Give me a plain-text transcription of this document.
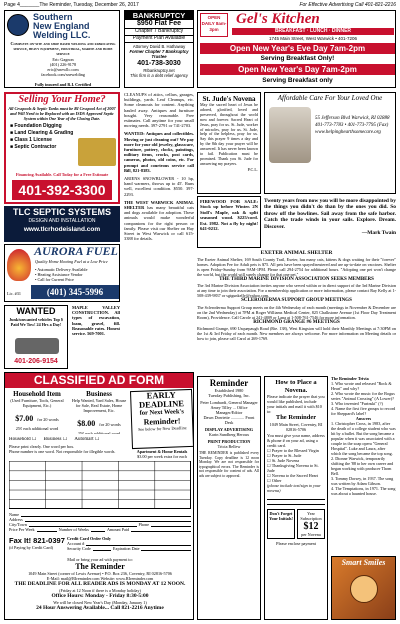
Page 4_______The Reminder, Tuesday, December 26, 2017	For Effective Advertising Call 401-821-2216
Southern
New England
Welding LLC.
Complete on-site and shop based welding and fabricating service, heavy equipment, industrial, marine and home service
Eric Gagnon
(401) 226-9178
eric@snewllc.com
facebook.com/snewelding
Fully insured and R.I. Certified
BANKRUPTCY
$950 Flat Fee
Chapter 7 Bankruptcy
Payment Plan Available
Attorney David B. Hathaway
Former Chapter 7 Bankruptcy Trustee
401-738-3030
RIbankruptcy.net
This firm is a debt relief agency
OPEN DAILY 8am-3pm
Gel's Kitchen
BREAKFAST · LUNCH · DINNER
1745 Main Street, West Warwick • 401-7206
Open New Year's Eve Day 7am-2pm
Serving Breakfast Only!
Open New Year's Day 7am-2pm
Serving Breakfast only
Selling Your Home?
All Cesspools & Septic Tanks must be RI Cesspool Act of 2007 and Will Need to be Replaced with an ISDS Approved Septic System within One Year of the Closing Date.
■ Foundation Digging
■ Land Clearing & Grading
■ Class 1 License
■ Septic Contractor
Financing Available. Call Today for a Free Estimate
401-392-3300
TLC SEPTIC SYSTEMS
DESIGN AND INSTALLATION
www.tlcrhodeisland.com
AURORA FUEL
Quality Home Heating Fuel at a Low Price
• Automatic Delivery Available
• Heating Assistance Vendor
• Call for Current Price
Lic. #31	(401) 345-5996
WANTED
Junk/unwanted vehicles Top $ Paid We Tow! 24 Hrs a Day!
401-206-9154
MAPLE VALLEY CONSTRUCTION. All types of excavation, loam, gravel, fill. Reasonable rates. Honest service. 569-7001.
CLASSIFIED AD FORM
Household Item
(Used Furniture, Tools, General Equipment, Etc.)
$7.00 for 20 words
25¢ each additional word
Business
Help Wanted, Yard Sales, House for Sale, Real Estate, Home Improvement, Etc.
$8.00 for 20 words
25¢ each additional word
EARLY
DEADLINE
for Next Week's
Reminder!
See below for New Deadline
Apartment & Home Rentals
$3.00 per week extra for each
Household ☐ Business ☐ Automart ☐
Please print clearly. One word per box.
Phone number is one word. Not responsible for illegible words.
Name
Address
City/Town	Phone
Price Per Week	Number of Weeks	Amount Paid
Fax It! 821-0397
(if Paying by Credit Card)
Credit Card Order Only
Account #
Security Code	Expiration Date
Mail or bring your ad with payment to:
The Reminder
1049 Main Street (corner of Lewis Avenue) • P.O. Box 236, Coventry, RI 02816-5706
E-Mail: mail@RIreminder.com Website: www.RIreminder.com
THE DEADLINE FOR ALL READER ADS IS MONDAY AT 12 NOON.
(Friday at 12 Noon if there is a Monday holiday)
Office Hours: Monday - Friday 8:30-5:00
We will be closed New Year's Day (Monday, January 1)
24 Hour Answering Available... Call 821-2216 Anytime
CLEANUPS of attics, cellars, garages, buildings, yards. Leaf Cleanups, etc. Some cleanouts for content. Anything hauled away. Antiques and furniture bought. Very reasonable. Free estimates. Call anytime for your small moving needs. 397-2791 or 741-2703.
WANTED: Antiques and collectibles. Moving or just cleaning out? We pay more for your old jewelry, glassware, furniture, pottery, clocks, paintings, military items, crocks, post cards, cameras, photos, old coins, etc. For prompt and courteous service call Bill, 821-8383.
ARIENS SNOWBLOWER - 10 hp, hand warmers, throws up to 45'. Runs well, excellent condition. $550. 397-2293.
THE WEST WARWICK ANIMAL SHELTER has many beautiful cats and dogs available for adoption. These animals would make wonderful companions for the right person or family. Please visit our Shelter on Hay Street in West Warwick or call 615-3388 for details.
St. Jude's Novena
May the sacred heart of Jesus be adored, glorified, loved and preserved, throughout the world now and forever. Sacred Heart of Jesus, pray for us. St. Jude, worker of miracles, pray for us. St. Jude, help of the helpless, pray for us. Say this prayer 9 times a day and by the 8th day your prayer will be answered. It has never been known to fail. Publication must be promised. Thank you St. Jude for answering my prayers.
P.C.L.
FIREWOOD FOR SALE: Stock up before Winter. 2N Stoll's Maple, oak & split seasoned wood. $225/cord. Est. 1982. Not a fly by night! 641-0212.
Affordable Care For Your Loved One
55 Jefferson Blvd Warwick, RI 02888
401-773-7783 • 401-773-7795 (Fax)
www.helpinghearthsomecare.org
Twenty years from now you will be more disappointed by the things you didn't do than by the ones you did. So throw off the bowlines. Sail away from the safe harbor. Catch the trade winds in your sails. Explore. Dream. Discover.
—Mark Twain
EXETER ANIMAL SHELTER
The Exeter Animal Shelter, 169 South County Trail, Exeter, has many cats, kittens & dogs waiting for their "forever" homes. Adoption Fee for Adult pets is $75. All pets have been spayed/neutered and are up-to-date on vaccines. Shelter is open Friday-Sunday from 9AM-1PM. Please call 294-2754 for additional hours. "Adopting one pet won't change the world, but the world will surely change for that one pet."
THE THIRD MARINE DIVISION ASSOCIATION SEEKS MEMBERS
The 3rd Marine Division Association invites anyone who served within or in direct support of the 3rd Marine Division at any time to join their association. For a membership application or more information, please contact Ray Kelly at 1-508-439-9837 or sgtgunkelly@yahoo.com.
SCLERODERMA SUPPORT GROUP MEETINGS
The Scleroderma Support Group meets on the 4th Wednesday of each month (meetings in November & December are on the 2nd Wednesday) at 7PM at Roger Williams Medical Center, 825 Chalkstone Avenue (1st Floor Day Treatment Room), Providence. Call Carole at 241-4809 or Lana at 1-508-761-7546 for more information.
RICHMOND GRANGE #6 MEETINGS
Richmond Grange, 690 Usquepaugh Road (Rte. 138), West Kingston will hold their Monthly Meetings at 7:30PM on the 1st & 3rd Friday of each month. New members are always welcome. For more information on Meeting details or how to join, please call Carol at 269-1769.
Reminder
Established 1980
Tuesday Publishing, Inc.
Peter Lombardi, General Manager
Amey Tilley ... Office Manager/Editor
Dawn Dorriette ............. Front Desk
DISPLAY ADVERTISING
Karin Sundberg Heroux
PRINT PRODUCTION
Tricia Bellew
THE REMINDER is published every Tuesday. Copy deadline is 12 noon Monday. We are not responsible for typographical errors. The Reminder is not responsible for content of ads. All ads are subject to approval.
How to Place a Novena.
Please indicate the prayer that you would like published, include your initials and mail it with $10 to:
The Reminder
1049 Main Street, Coventry, RI
02816-5706
You must give your name, address & phone # on your ad, using a credit card.
☐ Prayer to the Blessed Virgin
☐ Prayer to St. Jude
☐ St. Jude Novena
☐ Thanksgiving Novena to St. Jude
☐ Novena to the Sacred Heart
☐ Other
(please include text/sign to your novena)
Don't Forget Your Initials!
Year Subscription
$12
per Novena
Please enclose payment
The Reminder Trivia
1. Who wrote and released "Rock & Heart" and why?
2. Who wrote the music for the Bogus series "Animal Crossing" (A Lower)?
3. Who invented "Furinski" (?)
4. Name the first five groups to record for Sheppard's label?
Answers
1. Christopher Cross, in 1983, after the death of a college student who was hit by a bullet. But the song became a popular when it was associated with a couple in the soap opera "General Hospital". Luke and Laura, after which the song became the top song.
2. Dionne Warwick, temporarily shifting the '88 to her own career and began working with producer Thom Bell.
3. Tommy Dorsey, in 1937. The song was written by Adam Gibson.
4. The Temptations, in 1971. The song was about a haunted house.
Smart Smiles
